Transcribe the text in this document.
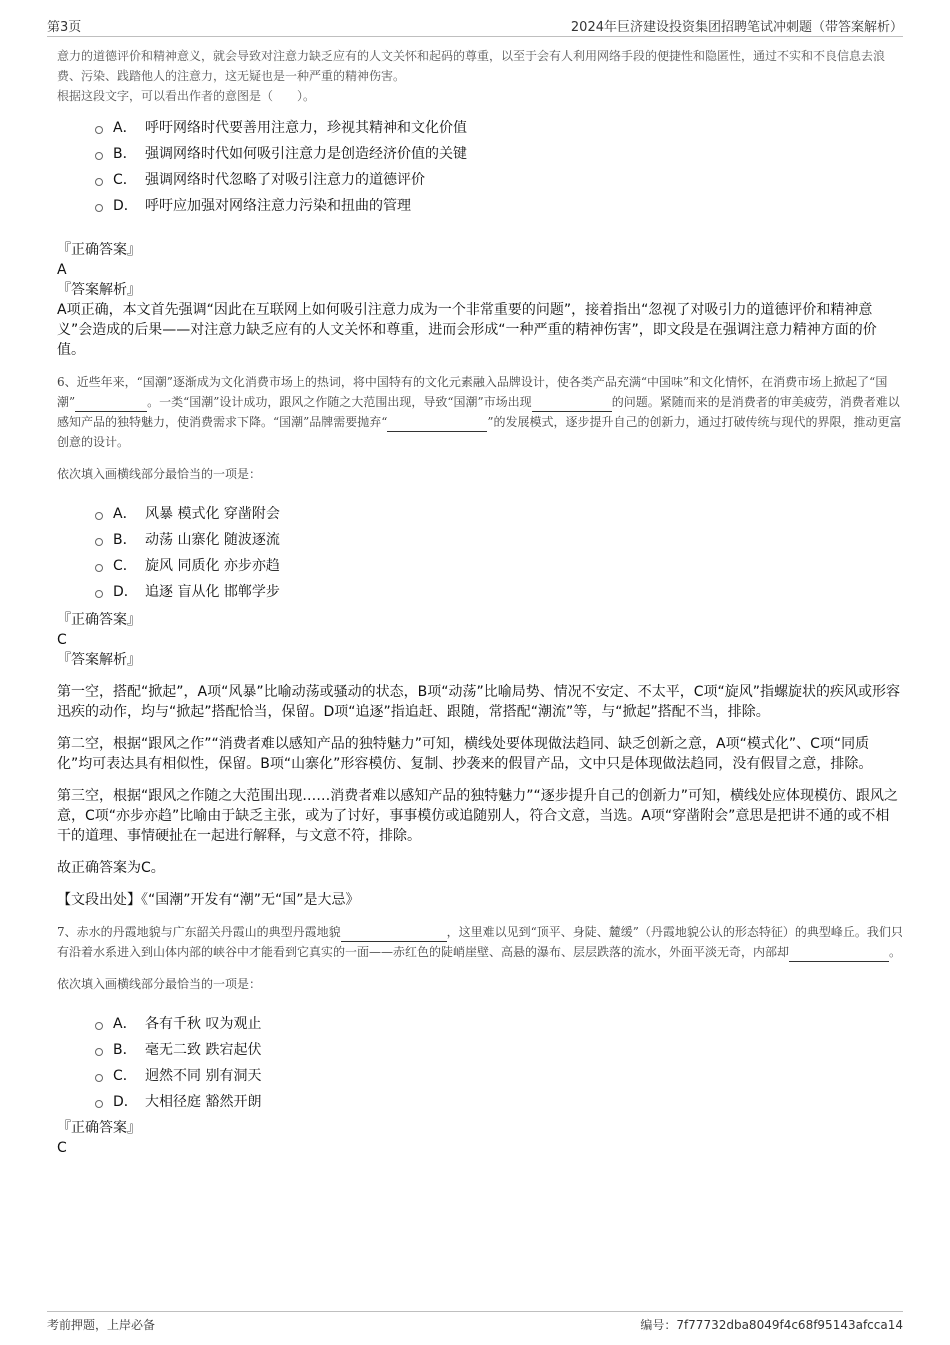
第3页	2024年巨济建设投资集团招聘笔试冲刺题（带答案解析）

意力的道德评价和精神意义，就会导致对注意力缺乏应有的人文关怀和起码的尊重，以至于会有人利用网络手段的便捷性和隐匿性，通过不实和不良信息去浪费、污染、践踏他人的注意力，这无疑也是一种严重的精神伤害。

根据这段文字，可以看出作者的意图是（　　）。

A． 呼吁网络时代要善用注意力，珍视其精神和文化价值
B． 强调网络时代如何吸引注意力是创造经济价值的关键
C． 强调网络时代忽略了对吸引注意力的道德评价
D． 呼吁应加强对网络注意力污染和扭曲的管理

『正确答案』

A

『答案解析』

A项正确，本文首先强调“因此在互联网上如何吸引注意力成为一个非常重要的问题”，接着指出“忽视了对吸引力的道德评价和精神意义”会造成的后果——对注意力缺乏应有的人文关怀和尊重，进而会形成“一种严重的精神伤害”，即文段是在强调注意力精神方面的价值。

6、近些年来，“国潮”逐渐成为文化消费市场上的热词，将中国特有的文化元素融入品牌设计，使各类产品充满“中国味”和文化情怀，在消费市场上掀起了“国潮”	。一类“国潮”设计成功，跟风之作随之大范围出现，导致“国潮”市场出现	的问题。紧随而来的是消费者的审美疲劳，消费者难以感知产品的独特魅力，使消费需求下降。“国潮”品牌需要抛弃“	”的发展模式，逐步提升自己的创新力，通过打破传统与现代的界限，推动更富创意的设计。

依次填入画横线部分最恰当的一项是：

A． 风暴 模式化 穿凿附会
B． 动荡 山寨化 随波逐流
C． 旋风 同质化 亦步亦趋
D． 追逐 盲从化 邯郸学步

『正确答案』

C

『答案解析』

第一空，搭配“掀起”，A项“风暴”比喻动荡或骚动的状态，B项“动荡”比喻局势、情况不安定、不太平，C项“旋风”指螺旋状的疾风或形容迅疾的动作，均与“掀起”搭配恰当，保留。D项“追逐”指追赶、跟随，常搭配“潮流”等，与“掀起”搭配不当，排除。

第二空，根据“跟风之作”“消费者难以感知产品的独特魅力”可知，横线处要体现做法趋同、缺乏创新之意，A项“模式化”、C项“同质化”均可表达具有相似性，保留。B项“山寨化”形容模仿、复制、抄袭来的假冒产品，文中只是体现做法趋同，没有假冒之意，排除。

第三空，根据“跟风之作随之大范围出现……消费者难以感知产品的独特魅力”“逐步提升自己的创新力”可知，横线处应体现模仿、跟风之意，C项“亦步亦趋”比喻由于缺乏主张，或为了讨好，事事模仿或追随别人，符合文意，当选。A项“穿凿附会”意思是把讲不通的或不相干的道理、事情硬扯在一起进行解释，与文意不符，排除。

故正确答案为C。

【文段出处】《“国潮”开发有“潮”无“国”是大忌》

7、赤水的丹霞地貌与广东韶关丹霞山的典型丹霞地貌	，这里难以见到“顶平、身陡、麓缓”（丹霞地貌公认的形态特征）的典型峰丘。我们只有沿着水系进入到山体内部的峡谷中才能看到它真实的一面——赤红色的陡峭崖壁、高悬的瀑布、层层跌落的流水，外面平淡无奇，内部却	。

依次填入画横线部分最恰当的一项是：

A． 各有千秋 叹为观止
B． 毫无二致 跌宕起伏
C． 迥然不同 别有洞天
D． 大相径庭 豁然开朗

『正确答案』

C

考前押题，上岸必备	编号：7f77732dba8049f4c68f95143afcca14
